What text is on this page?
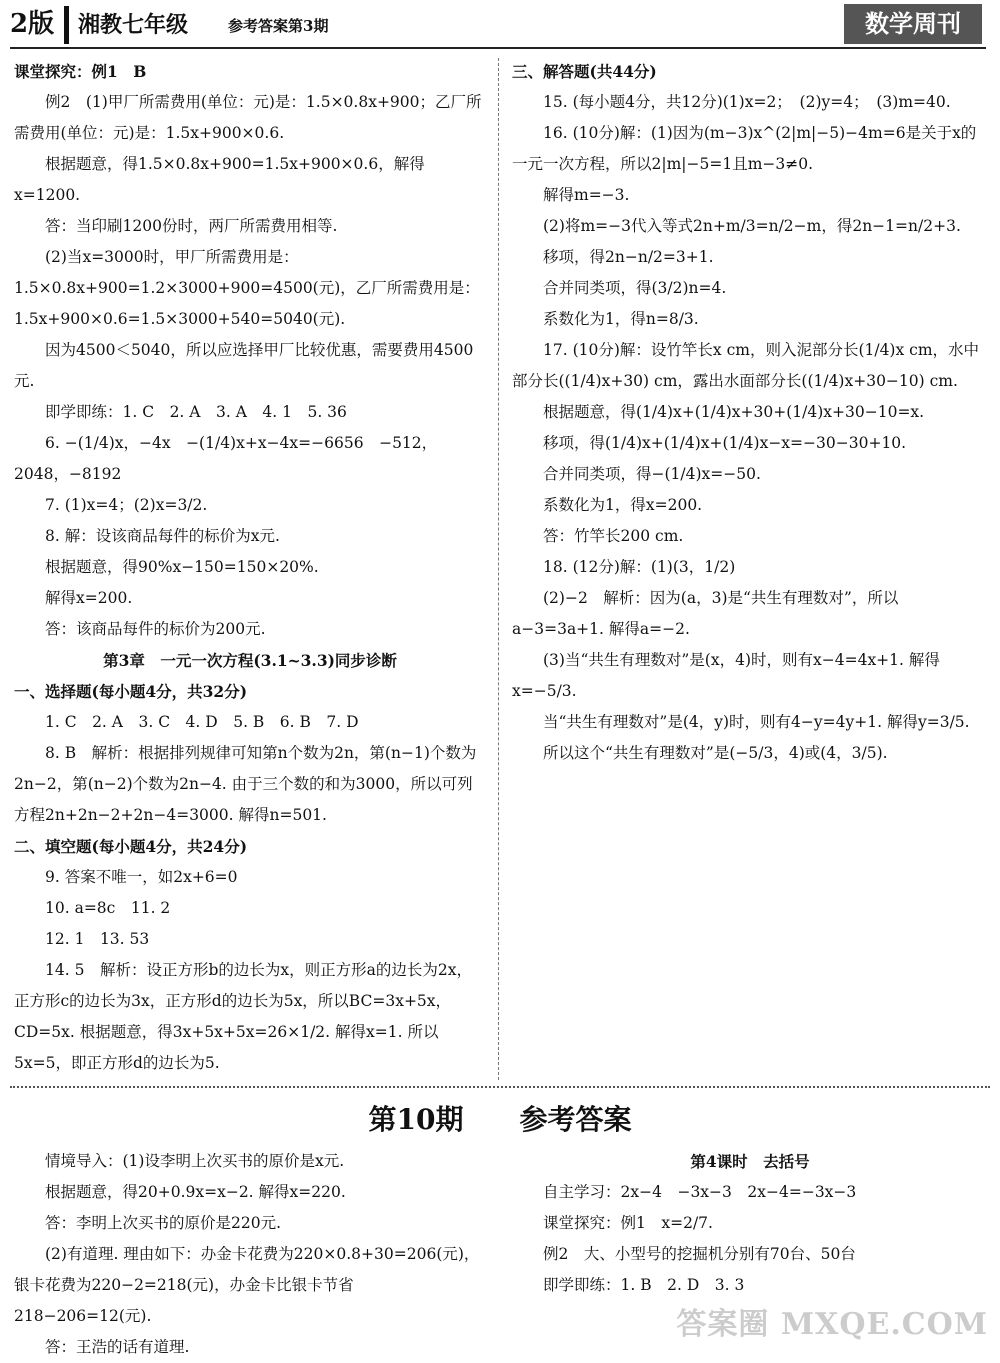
2版 湘教七年级	参考答案第3期	数学周刊

课堂探究：例1　B

例2　(1)甲厂所需费用(单位：元)是：1.5×0.8x+900；乙厂所需费用(单位：元)是：1.5x+900×0.6.

根据题意，得1.5×0.8x+900=1.5x+900×0.6，解得x=1200.

答：当印刷1200份时，两厂所需费用相等.

(2)当x=3000时，甲厂所需费用是：1.5×0.8x+900=1.2×3000+900=4500(元)，乙厂所需费用是：1.5x+900×0.6=1.5×3000+540=5040(元).

因为4500＜5040，所以应选择甲厂比较优惠，需要费用4500元.

即学即练：1. C　2. A　3. A　4. 1　5. 36

6. −(1/4)x，−4x　−(1/4)x+x−4x=−6656　−512，2048，−8192

7. (1)x=4；(2)x=3/2.

8. 解：设该商品每件的标价为x元.

根据题意，得90%x−150=150×20%.

解得x=200.

答：该商品每件的标价为200元.

第3章　一元一次方程(3.1~3.3)同步诊断

一、选择题(每小题4分，共32分)

1. C　2. A　3. C　4. D　5. B　6. B　7. D

8. B　解析：根据排列规律可知第n个数为2n，第(n−1)个数为2n−2，第(n−2)个数为2n−4. 由于三个数的和为3000，所以可列方程2n+2n−2+2n−4=3000. 解得n=501.

二、填空题(每小题4分，共24分)

9. 答案不唯一，如2x+6=0

10. a=8c　11. 2

12. 1　13. 53

14. 5　解析：设正方形b的边长为x，则正方形a的边长为2x，正方形c的边长为3x，正方形d的边长为5x，所以BC=3x+5x，CD=5x. 根据题意，得3x+5x+5x=26×1/2. 解得x=1. 所以5x=5，即正方形d的边长为5.

三、解答题(共44分)

15. (每小题4分，共12分)(1)x=2；　(2)y=4；　(3)m=40.

16. (10分)解：(1)因为(m−3)x^(2|m|−5)−4m=6是关于x的一元一次方程，所以2|m|−5=1且m−3≠0.

解得m=−3.

(2)将m=−3代入等式2n+m/3=n/2−m，得2n−1=n/2+3.

移项，得2n−n/2=3+1.

合并同类项，得(3/2)n=4.

系数化为1，得n=8/3.

17. (10分)解：设竹竿长x cm，则入泥部分长(1/4)x cm，水中部分长((1/4)x+30) cm，露出水面部分长((1/4)x+30−10) cm.

根据题意，得(1/4)x+(1/4)x+30+(1/4)x+30−10=x.

移项，得(1/4)x+(1/4)x+(1/4)x−x=−30−30+10.

合并同类项，得−(1/4)x=−50.

系数化为1，得x=200.

答：竹竿长200 cm.

18. (12分)解：(1)(3，1/2)

(2)−2　解析：因为(a，3)是“共生有理数对”，所以a−3=3a+1. 解得a=−2.

(3)当“共生有理数对”是(x，4)时，则有x−4=4x+1. 解得x=−5/3.

当“共生有理数对”是(4，y)时，则有4−y=4y+1. 解得y=3/5.

所以这个“共生有理数对”是(−5/3，4)或(4，3/5).

第10期　　参考答案

情境导入：(1)设李明上次买书的原价是x元.

根据题意，得20+0.9x=x−2. 解得x=220.

答：李明上次买书的原价是220元.

(2)有道理. 理由如下：办金卡花费为220×0.8+30=206(元)，银卡花费为220−2=218(元)，办金卡比银卡节省218−206=12(元).

答：王浩的话有道理.

第4课时　去括号

自主学习：2x−4　−3x−3　2x−4=−3x−3

课堂探究：例1　x=2/7.

例2　大、小型号的挖掘机分别有70台、50台

即学即练：1. B　2. D　3. 3

答案圈 MXQE.COM
